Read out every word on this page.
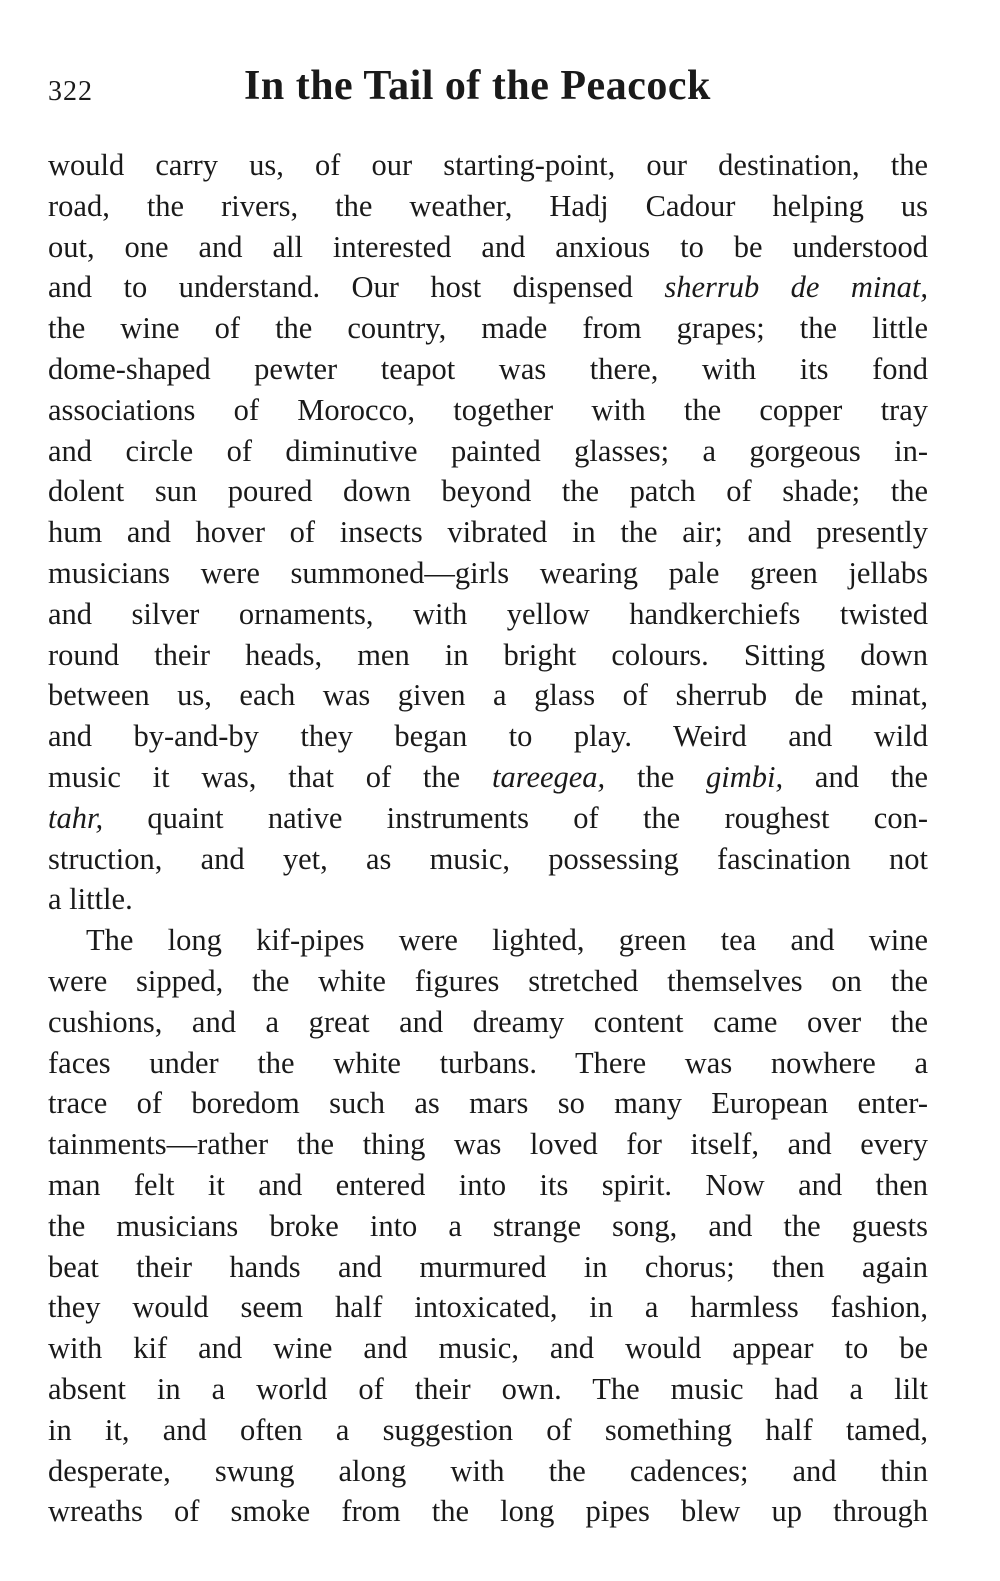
322	In the Tail of the Peacock
would carry us, of our starting-point, our destination, the
road, the rivers, the weather, Hadj Cadour helping us
out, one and all interested and anxious to be understood
and to understand. Our host dispensed sherrub de minat,
the wine of the country, made from grapes; the little
dome-shaped pewter teapot was there, with its fond
associations of Morocco, together with the copper tray
and circle of diminutive painted glasses; a gorgeous in-
dolent sun poured down beyond the patch of shade; the
hum and hover of insects vibrated in the air; and presently
musicians were summoned—girls wearing pale green jellabs
and silver ornaments, with yellow handkerchiefs twisted
round their heads, men in bright colours. Sitting down
between us, each was given a glass of sherrub de minat,
and by-and-by they began to play. Weird and wild
music it was, that of the tareegea, the gimbi, and the
tahr, quaint native instruments of the roughest con-
struction, and yet, as music, possessing fascination not
a little.
The long kif-pipes were lighted, green tea and wine
were sipped, the white figures stretched themselves on the
cushions, and a great and dreamy content came over the
faces under the white turbans. There was nowhere a
trace of boredom such as mars so many European enter-
tainments—rather the thing was loved for itself, and every
man felt it and entered into its spirit. Now and then
the musicians broke into a strange song, and the guests
beat their hands and murmured in chorus; then again
they would seem half intoxicated, in a harmless fashion,
with kif and wine and music, and would appear to be
absent in a world of their own. The music had a lilt
in it, and often a suggestion of something half tamed,
desperate, swung along with the cadences; and thin
wreaths of smoke from the long pipes blew up through
